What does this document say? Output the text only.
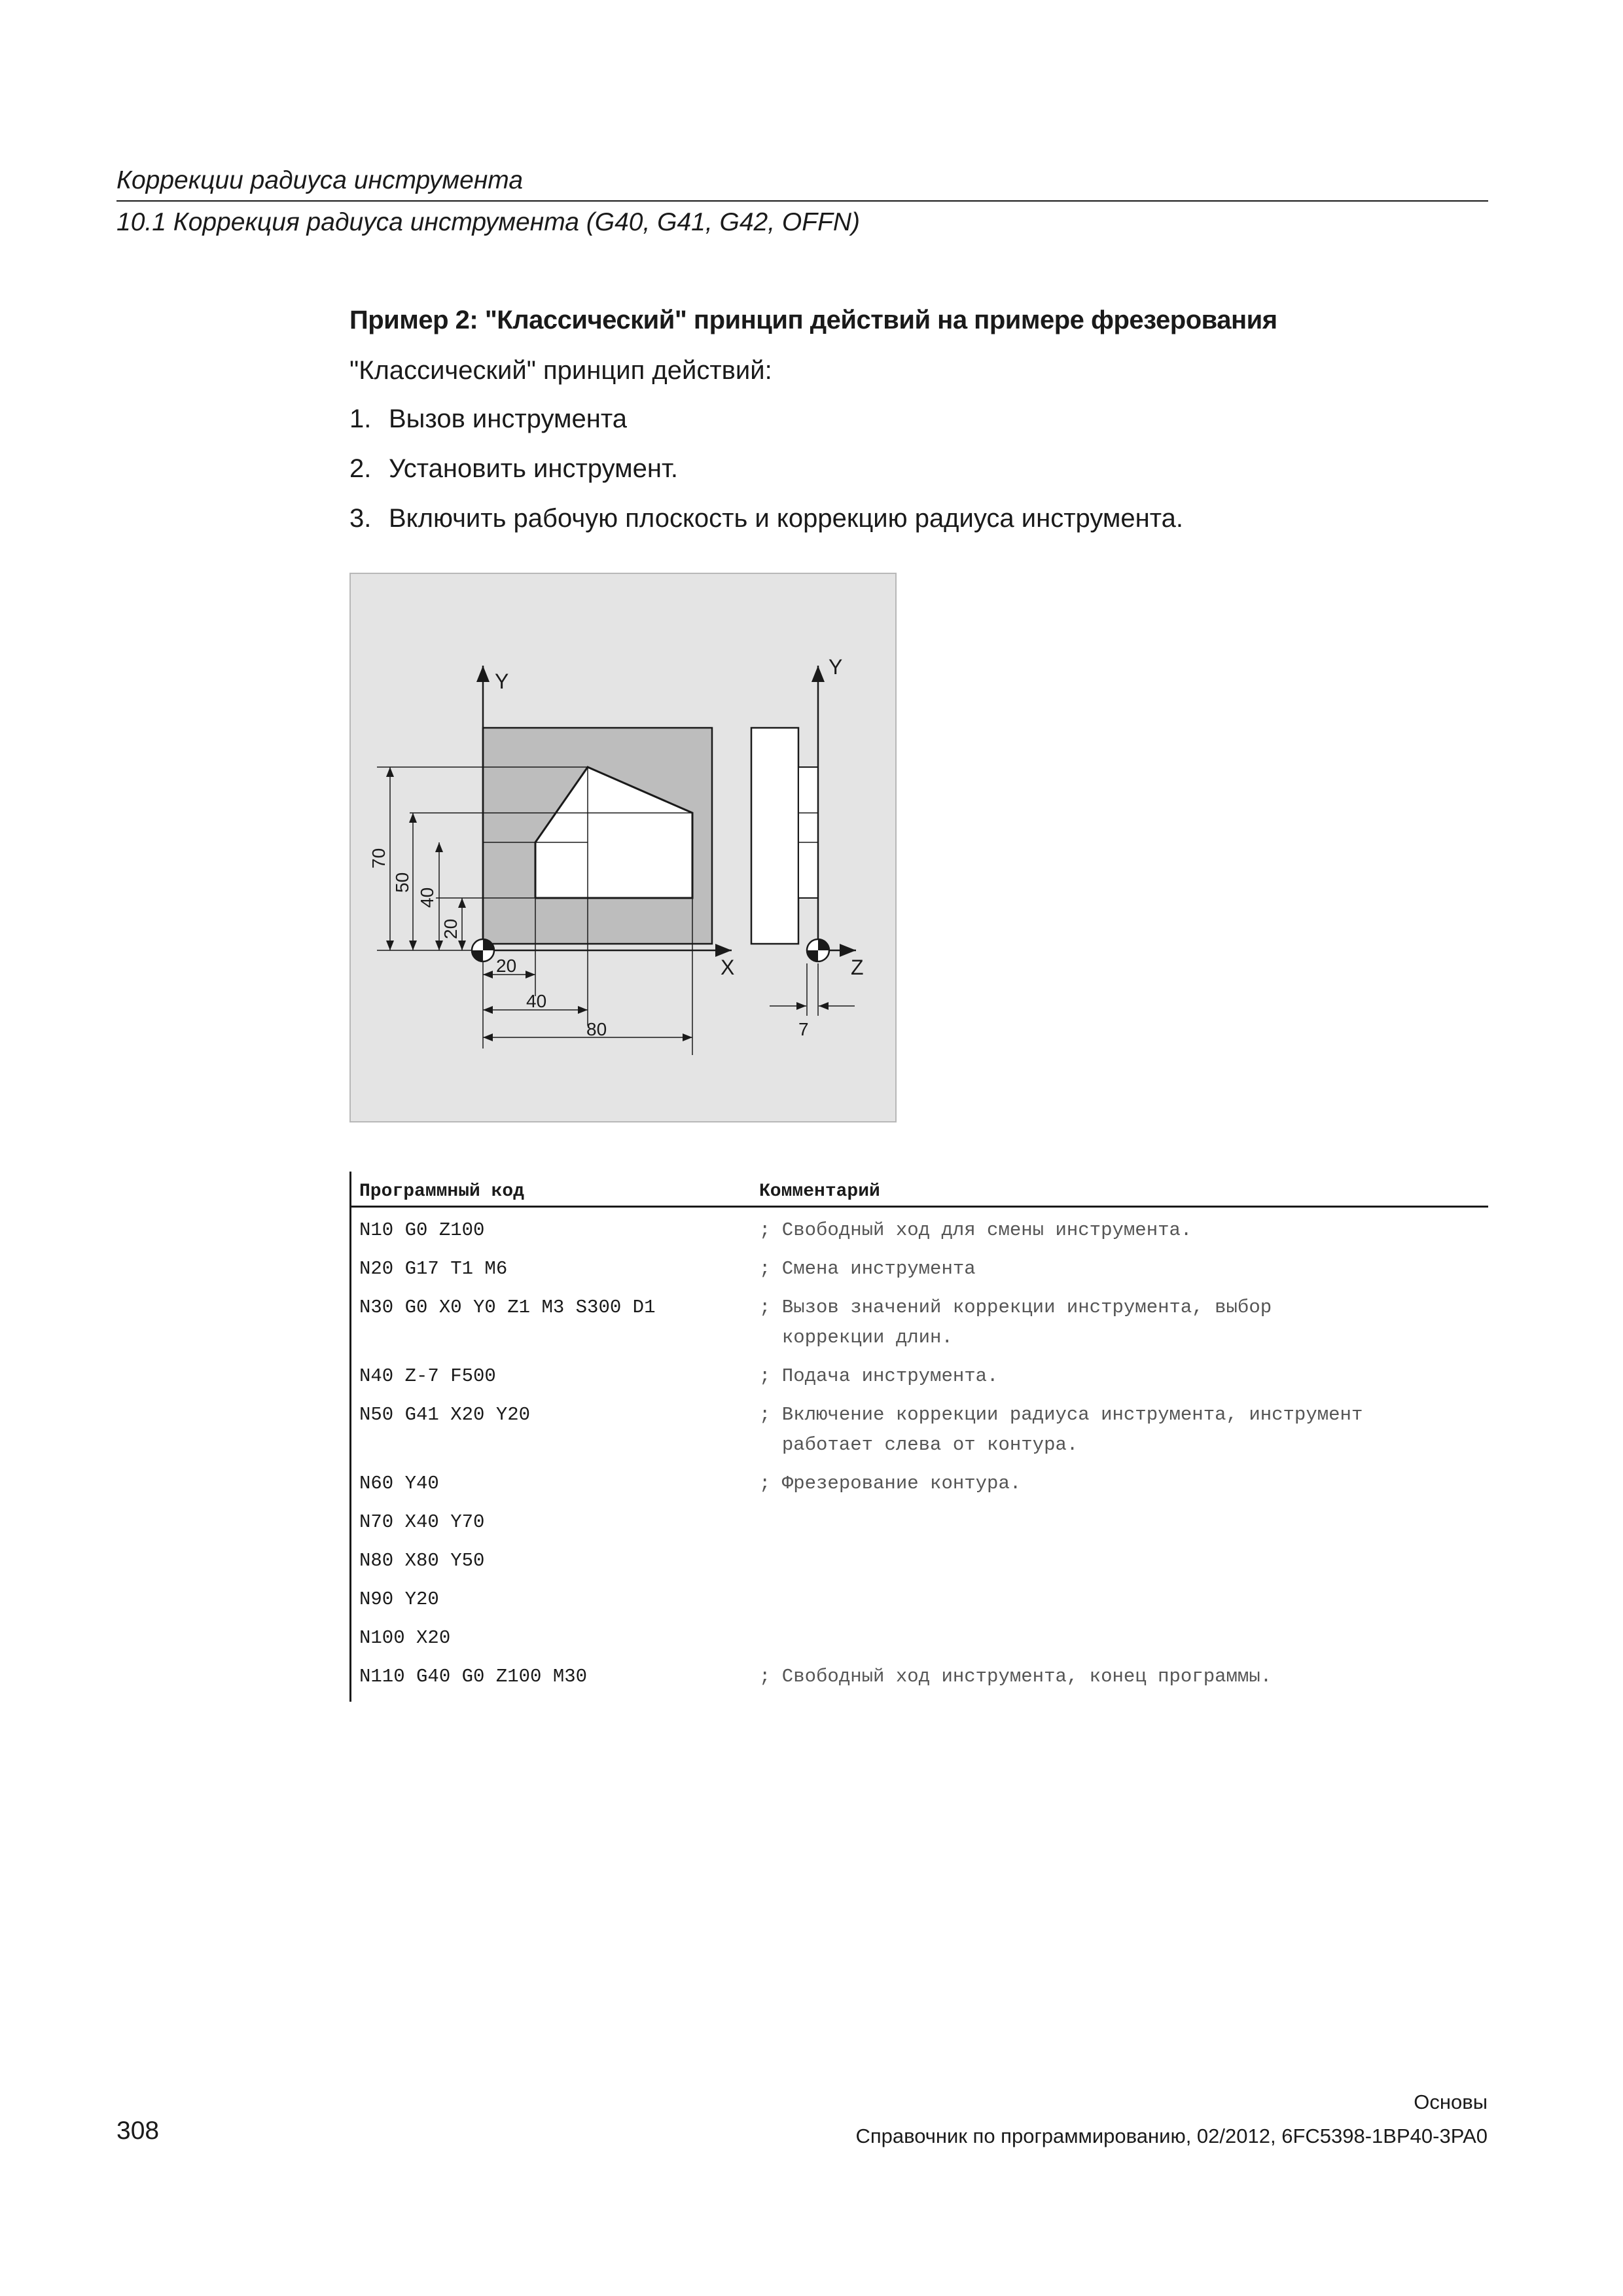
Коррекции радиуса инструмента
10.1 Коррекция радиуса инструмента (G40, G41, G42, OFFN)
Пример 2: "Классический" принцип действий на примере фрезерования
"Классический" принцип действий:
1. Вызов инструмента
2. Установить инструмент.
3. Включить рабочую плоскость и коррекцию радиуса инструмента.
Y
Y
X	Z
20
40
80	7
70
50
40
20
Программный код	Комментарий
N10 G0 Z100	; Свободный ход для смены инструмента.
N20 G17 T1 M6	; Смена инструмента
N30 G0 X0 Y0 Z1 M3 S300 D1	; Вызов значений коррекции инструмента, выбор
коррекции длин.
N40 Z-7 F500	; Подача инструмента.
N50 G41 X20 Y20	; Включение коррекции радиуса инструмента, инструмент
работает слева от контура.
N60 Y40	; Фрезерование контура.
N70 X40 Y70
N80 X80 Y50
N90 Y20
N100 X20
N110 G40 G0 Z100 M30	; Свободный ход инструмента, конец программы.
Основы
308	Справочник по программированию, 02/2012, 6FC5398-1BP40-3PA0
